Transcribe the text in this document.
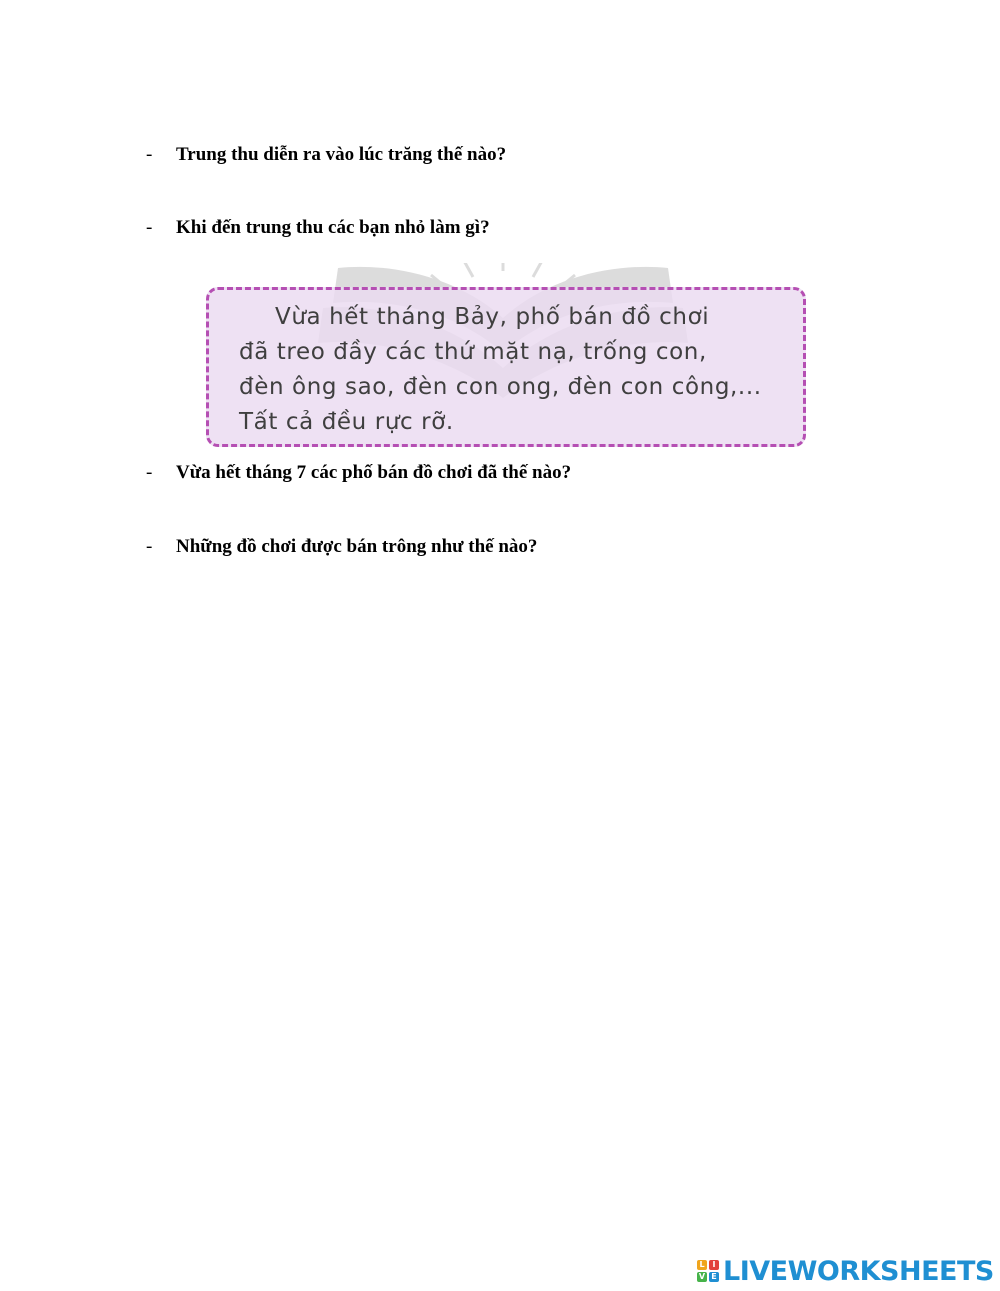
- Trung thu diễn ra vào lúc trăng thế nào?
- Khi đến trung thu các bạn nhỏ làm gì?
Vừa hết tháng Bảy, phố bán đồ chơi
đã treo đầy các thứ mặt nạ, trống con,
đèn ông sao, đèn con ong, đèn con công,...
Tất cả đều rực rỡ.
- Vừa hết tháng 7 các phố bán đồ chơi đã thế nào?
- Những đồ chơi được bán trông như thế nào?
L I
V E LIVEWORKSHEETS
